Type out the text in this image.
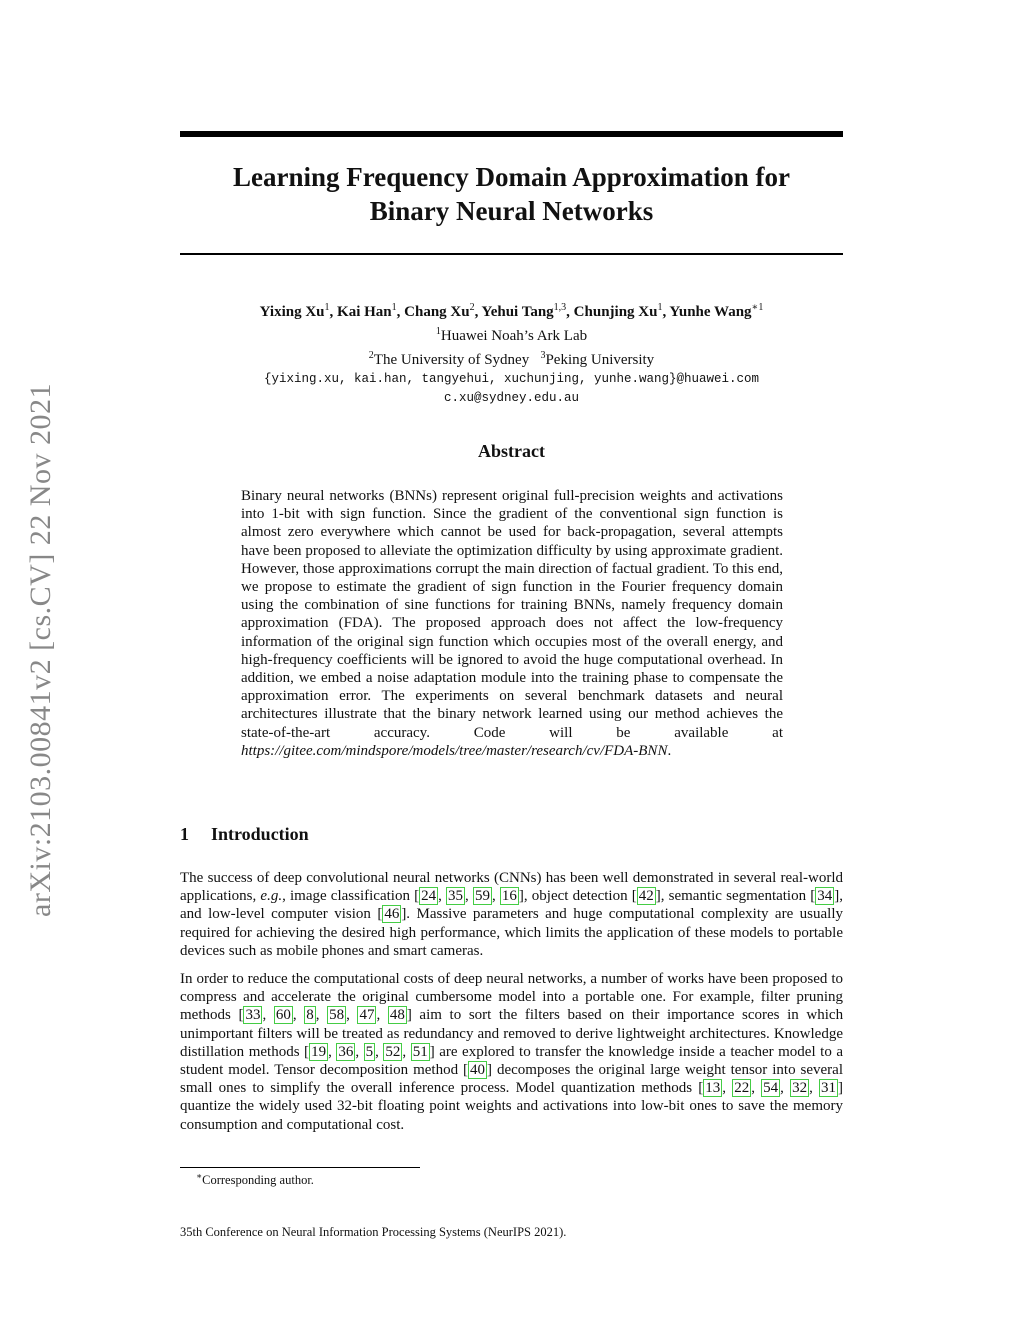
arXiv:2103.00841v2 [cs.CV] 22 Nov 2021
Learning Frequency Domain Approximation for
Binary Neural Networks
Yixing Xu$^1$, Kai Han$^1$, Chang Xu$^2$, Yehui Tang$^{1,3}$, Chunjing Xu$^1$, Yunhe Wang$^{∗1}$
$^1$Huawei Noah’s Ark Lab
$^2$The University of Sydney $^3$Peking University
{yixing.xu, kai.han, tangyehui, xuchunjing, yunhe.wang}@huawei.com
c.xu@sydney.edu.au
Abstract

Binary neural networks (BNNs) represent original full-precision weights and activations into 1-bit with sign function. Since the gradient of the conventional sign function is almost zero everywhere which cannot be used for back-propagation, several attempts have been proposed to alleviate the optimization difficulty by using approximate gradient. However, those approximations corrupt the main direction of factual gradient. To this end, we propose to estimate the gradient of sign function in the Fourier frequency domain using the combination of sine functions for training BNNs, namely frequency domain approximation (FDA). The proposed approach does not affect the low-frequency information of the original sign function which occupies most of the overall energy, and high-frequency coefficients will be ignored to avoid the huge computational overhead. In addition, we embed a noise adaptation module into the training phase to compensate the approximation error. The experiments on several benchmark datasets and neural architectures illustrate that the binary network learned using our method achieves the state-of-the-art accuracy. Code will be available at https://gitee.com/mindspore/models/tree/master/research/cv/FDA-BNN.

1 Introduction

The success of deep convolutional neural networks (CNNs) has been well demonstrated in several real-world applications, e.g., image classification [ 24 , 35 , 59 , 16 ], object detection [ 42 ], semantic segmentation [ 34 ], and low-level computer vision [ 46 ]. Massive parameters and huge computational complexity are usually required for achieving the desired high performance, which limits the application of these models to portable devices such as mobile phones and smart cameras.

In order to reduce the computational costs of deep neural networks, a number of works have been proposed to compress and accelerate the original cumbersome model into a portable one. For example, filter pruning methods [ 33 , 60 , 8 , 58 , 47 , 48 ] aim to sort the filters based on their importance scores in which unimportant filters will be treated as redundancy and removed to derive lightweight architectures. Knowledge distillation methods [ 19 , 36 , 5 , 52 , 51 ] are explored to transfer the knowledge inside a teacher model to a student model. Tensor decomposition method [ 40 ] decomposes the original large weight tensor into several small ones to simplify the overall inference process. Model quantization methods [ 13 , 22 , 54 , 32 , 31 ] quantize the widely used 32-bit floating point weights and activations into low-bit ones to save the memory consumption and computational cost.

∗Corresponding author.

35th Conference on Neural Information Processing Systems (NeurIPS 2021).
